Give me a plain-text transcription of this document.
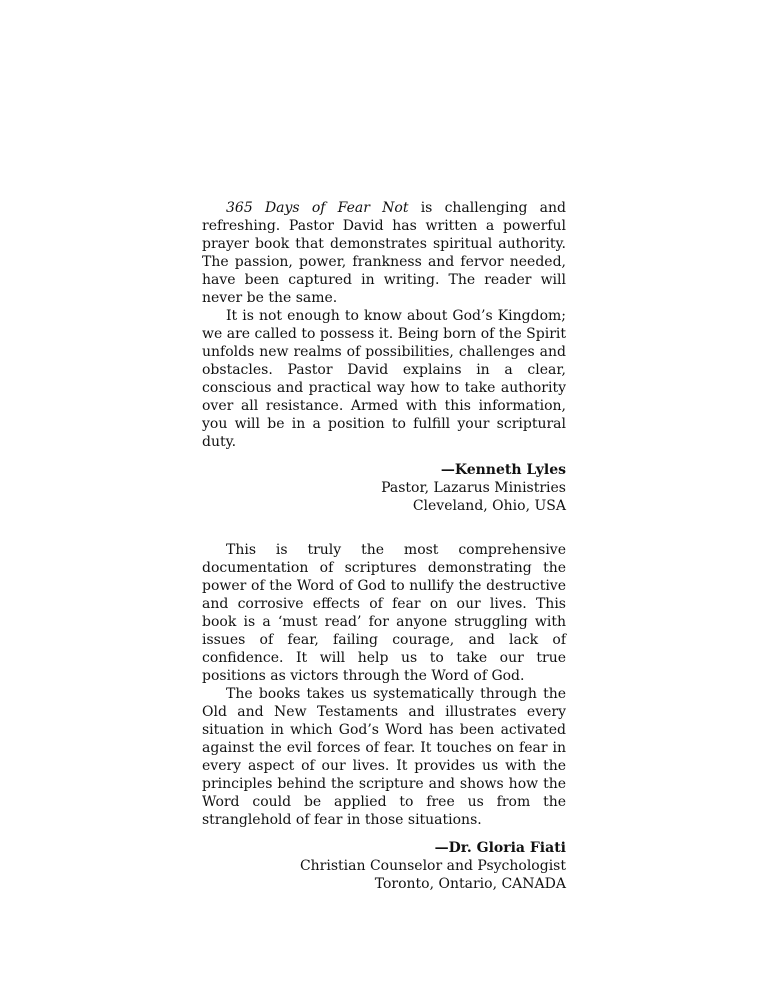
365 Days of Fear Not is challenging and refreshing. Pastor David has written a powerful prayer book that demonstrates spiritual authority. The passion, power, frankness and fervor needed, have been captured in writing. The reader will never be the same.

It is not enough to know about God’s Kingdom; we are called to possess it. Being born of the Spirit unfolds new realms of possibilities, challenges and obstacles. Pastor David explains in a clear, conscious and practical way how to take authority over all resistance. Armed with this information, you will be in a position to fulfill your scriptural duty.

—Kenneth Lyles
Pastor, Lazarus Ministries
Cleveland, Ohio, USA

This is truly the most comprehensive documentation of scriptures demonstrating the power of the Word of God to nullify the destructive and corrosive effects of fear on our lives. This book is a ‘must read’ for anyone struggling with issues of fear, failing courage, and lack of confidence. It will help us to take our true positions as victors through the Word of God.

The books takes us systematically through the Old and New Testaments and illustrates every situation in which God’s Word has been activated against the evil forces of fear. It touches on fear in every aspect of our lives. It provides us with the principles behind the scripture and shows how the Word could be applied to free us from the stranglehold of fear in those situations.

—Dr. Gloria Fiati
Christian Counselor and Psychologist
Toronto, Ontario, CANADA
